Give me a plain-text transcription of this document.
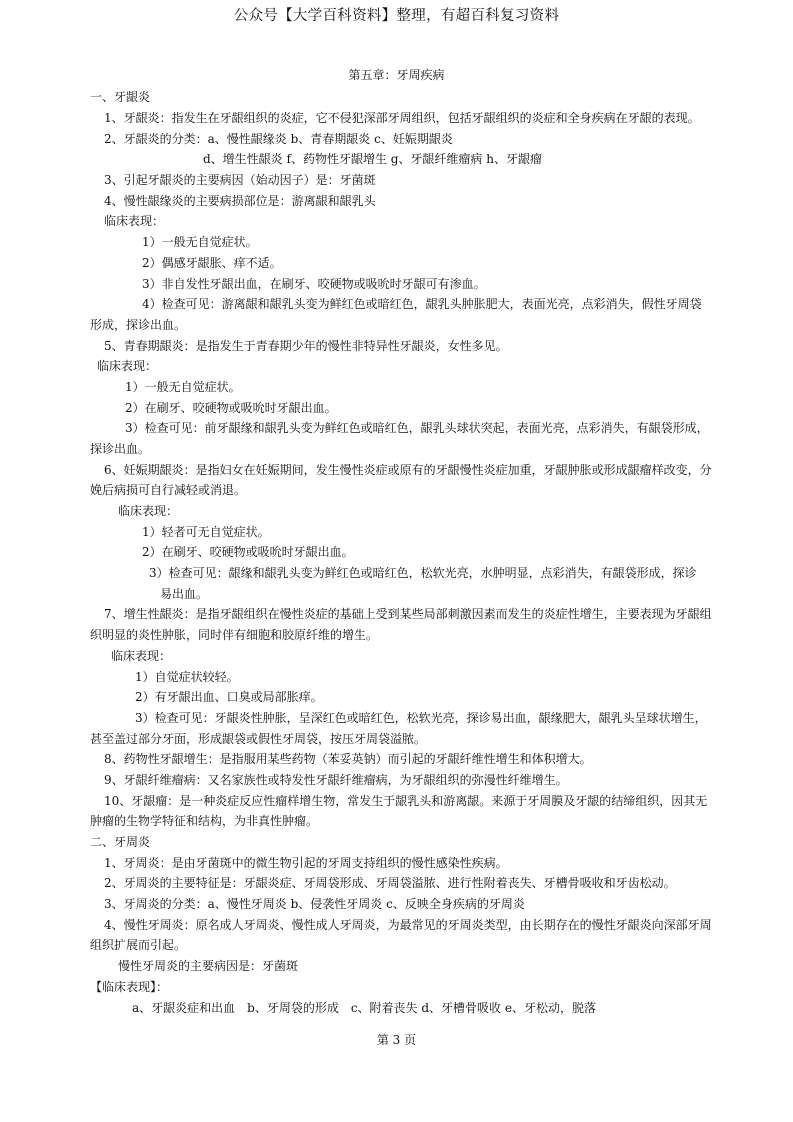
公众号【大学百科资料】整理，有超百科复习资料
第五章：牙周疾病
一、牙龈炎
1、牙龈炎：指发生在牙龈组织的炎症，它不侵犯深部牙周组织，包括牙龈组织的炎症和全身疾病在牙龈的表现。
2、牙龈炎的分类：a、慢性龈缘炎 b、青春期龈炎 c、妊娠期龈炎
d、增生性龈炎 f、药物性牙龈增生 g、牙龈纤维瘤病 h、牙龈瘤
3、引起牙龈炎的主要病因（始动因子）是：牙菌斑
4、慢性龈缘炎的主要病损部位是：游离龈和龈乳头
临床表现：
1）一般无自觉症状。
2）偶感牙龈胀、痒不适。
3）非自发性牙龈出血，在刷牙、咬硬物或吸吮时牙龈可有渗血。
4）检查可见：游离龈和龈乳头变为鲜红色或暗红色，龈乳头肿胀肥大，表面光亮，点彩消失，假性牙周袋
形成，探诊出血。
5、青春期龈炎：是指发生于青春期少年的慢性非特异性牙龈炎，女性多见。
临床表现：
1）一般无自觉症状。
2）在刷牙、咬硬物或吸吮时牙龈出血。
3）检查可见：前牙龈缘和龈乳头变为鲜红色或暗红色，龈乳头球状突起，表面光亮，点彩消失，有龈袋形成，
探诊出血。
6、妊娠期龈炎：是指妇女在妊娠期间，发生慢性炎症或原有的牙龈慢性炎症加重，牙龈肿胀或形成龈瘤样改变，分
娩后病损可自行减轻或消退。
临床表现：
1）轻者可无自觉症状。
2）在刷牙、咬硬物或吸吮时牙龈出血。
3）检查可见：龈缘和龈乳头变为鲜红色或暗红色，松软光亮，水肿明显，点彩消失，有龈袋形成，探诊
易出血。
7、增生性龈炎：是指牙龈组织在慢性炎症的基础上受到某些局部刺激因素而发生的炎症性增生，主要表现为牙龈组
织明显的炎性肿胀，同时伴有细胞和胶原纤维的增生。
临床表现：
1）自觉症状较轻。
2）有牙龈出血、口臭或局部胀痒。
3）检查可见：牙龈炎性肿胀，呈深红色或暗红色，松软光亮，探诊易出血，龈缘肥大，龈乳头呈球状增生，
甚至盖过部分牙面，形成龈袋或假性牙周袋，按压牙周袋溢脓。
8、药物性牙龈增生：是指服用某些药物（苯妥英钠）而引起的牙龈纤维性增生和体积增大。
9、牙龈纤维瘤病：又名家族性或特发性牙龈纤维瘤病，为牙龈组织的弥漫性纤维增生。
10、牙龈瘤：是一种炎症反应性瘤样增生物，常发生于龈乳头和游离龈。来源于牙周膜及牙龈的结缔组织，因其无
肿瘤的生物学特征和结构，为非真性肿瘤。
二、牙周炎
1、牙周炎：是由牙菌斑中的微生物引起的牙周支持组织的慢性感染性疾病。
2、牙周炎的主要特征是：牙龈炎症、牙周袋形成、牙周袋溢脓、进行性附着丧失、牙槽骨吸收和牙齿松动。
3、牙周炎的分类：a、慢性牙周炎 b、侵袭性牙周炎 c、反映全身疾病的牙周炎
4、慢性牙周炎：原名成人牙周炎、慢性成人牙周炎，为最常见的牙周炎类型，由长期存在的慢性牙龈炎向深部牙周
组织扩展而引起。
慢性牙周炎的主要病因是：牙菌斑
【临床表现】：
a、牙龈炎症和出血　b、牙周袋的形成　c、附着丧失 d、牙槽骨吸收 e、牙松动，脱落
第 3 页
